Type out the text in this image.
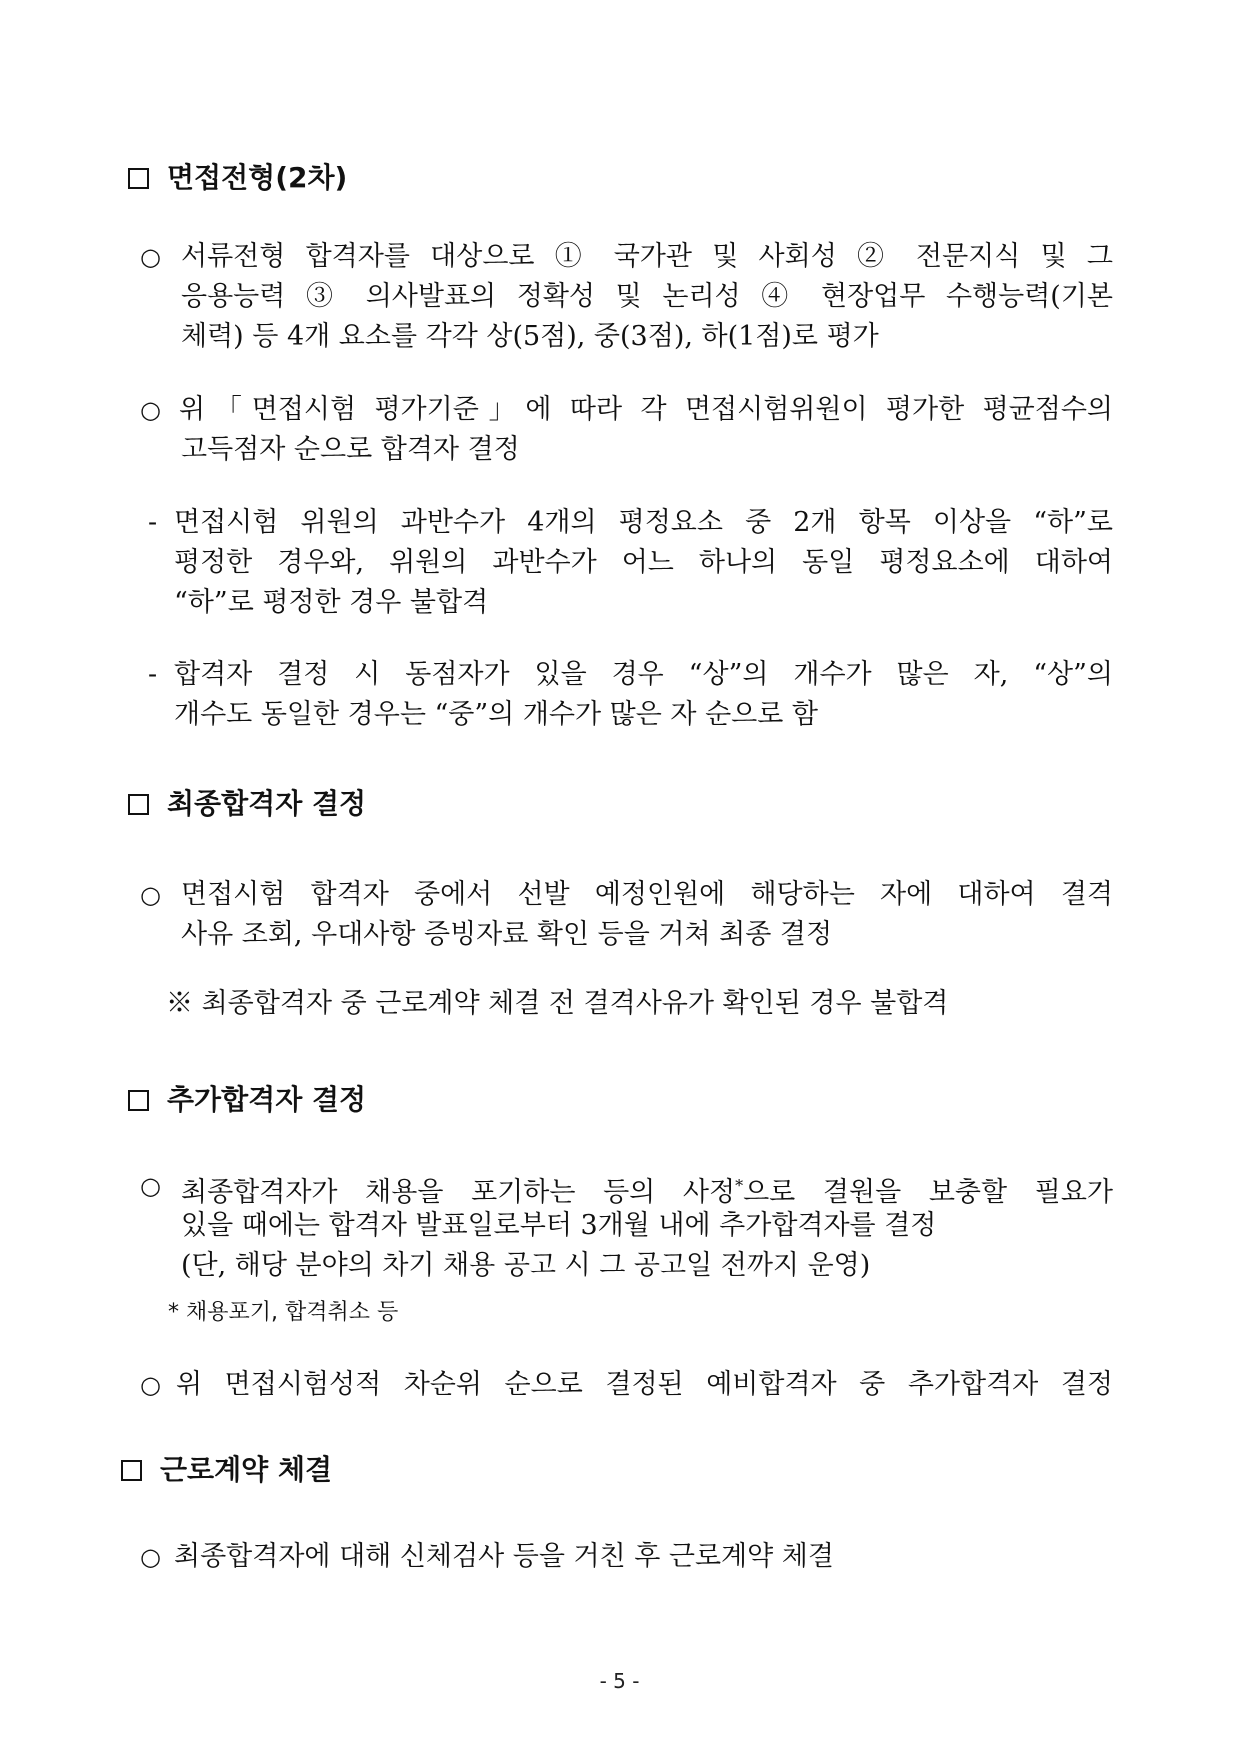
면접전형(2차)
○ 서류전형 합격자를 대상으로 ① 국가관 및 사회성 ② 전문지식 및 그
응용능력 ③ 의사발표의 정확성 및 논리성 ④ 현장업무 수행능력(기본
체력) 등 4개 요소를 각각 상(5점), 중(3점), 하(1점)로 평가
○ 위「면접시험 평가기준」에 따라 각 면접시험위원이 평가한 평균점수의
고득점자 순으로 합격자 결정
- 면접시험 위원의 과반수가 4개의 평정요소 중 2개 항목 이상을 “하”로
평정한 경우와, 위원의 과반수가 어느 하나의 동일 평정요소에 대하여
“하”로 평정한 경우 불합격
- 합격자 결정 시 동점자가 있을 경우 “상”의 개수가 많은 자, “상”의
개수도 동일한 경우는 “중”의 개수가 많은 자 순으로 함
최종합격자 결정
○ 면접시험 합격자 중에서 선발 예정인원에 해당하는 자에 대하여 결격
사유 조회, 우대사항 증빙자료 확인 등을 거쳐 최종 결정
※ 최종합격자 중 근로계약 체결 전 결격사유가 확인된 경우 불합격
추가합격자 결정
○ 최종합격자가 채용을 포기하는 등의 사정*으로 결원을 보충할 필요가
있을 때에는 합격자 발표일로부터 3개월 내에 추가합격자를 결정
(단, 해당 분야의 차기 채용 공고 시 그 공고일 전까지 운영)
* 채용포기, 합격취소 등
○ 위 면접시험성적 차순위 순으로 결정된 예비합격자 중 추가합격자 결정
근로계약 체결
○ 최종합격자에 대해 신체검사 등을 거친 후 근로계약 체결
- 5 -
